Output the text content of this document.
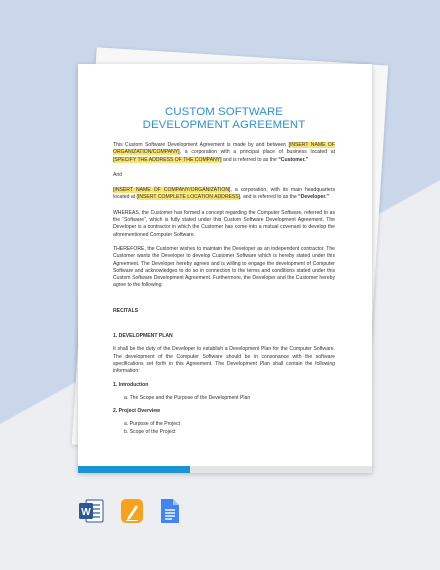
CUSTOM SOFTWARE
DEVELOPMENT AGREEMENT

This Custom Software Development Agreement is made by and between [INSERT NAME OF ORGANIZATION/COMPANY], a corporation with a principal place of business located at [SPECIFY THE ADDRESS OF THE COMPANY] and is referred to as the “Customer.”

And

[INSERT NAME OF COMPANY/ORGANIZATION], a corporation, with its main headquarters located at [INSERT COMPLETE LOCATION ADDRESS], and is referred to as the “Developer.”

WHEREAS, the Customer has formed a concept regarding the Computer Software, referred to as the “Software”, which is fully stated under this Custom Software Development Agreement. The Developer is a contractor in which the Customer has come into a mutual covenant to develop the aforementioned Computer Software.

THEREFORE, the Customer wishes to maintain the Developer as an independent contractor. The Customer wants the Developer to develop Customer Software which is hereby stated under this Agreement. The Developer hereby agrees and is willing to engage the development of Computer Software and acknowledges to do so in connection to the terms and conditions stated under this Custom Software Development Agreement. Furthermore, the Developer and the Customer hereby agree to the following:

RECITALS
1. DEVELOPMENT PLAN

It shall be the duty of the Developer to establish a Development Plan for the Computer Software. The development of the Computer Software should be in consonance with the software specifications set forth in this Agreement. The Development Plan shall contain the following information:

1. Introduction

a. The Scope and the Purpose of the Development Plan

2. Project Overview

a. Purpose of the Project

b. Scope of the Project

W
